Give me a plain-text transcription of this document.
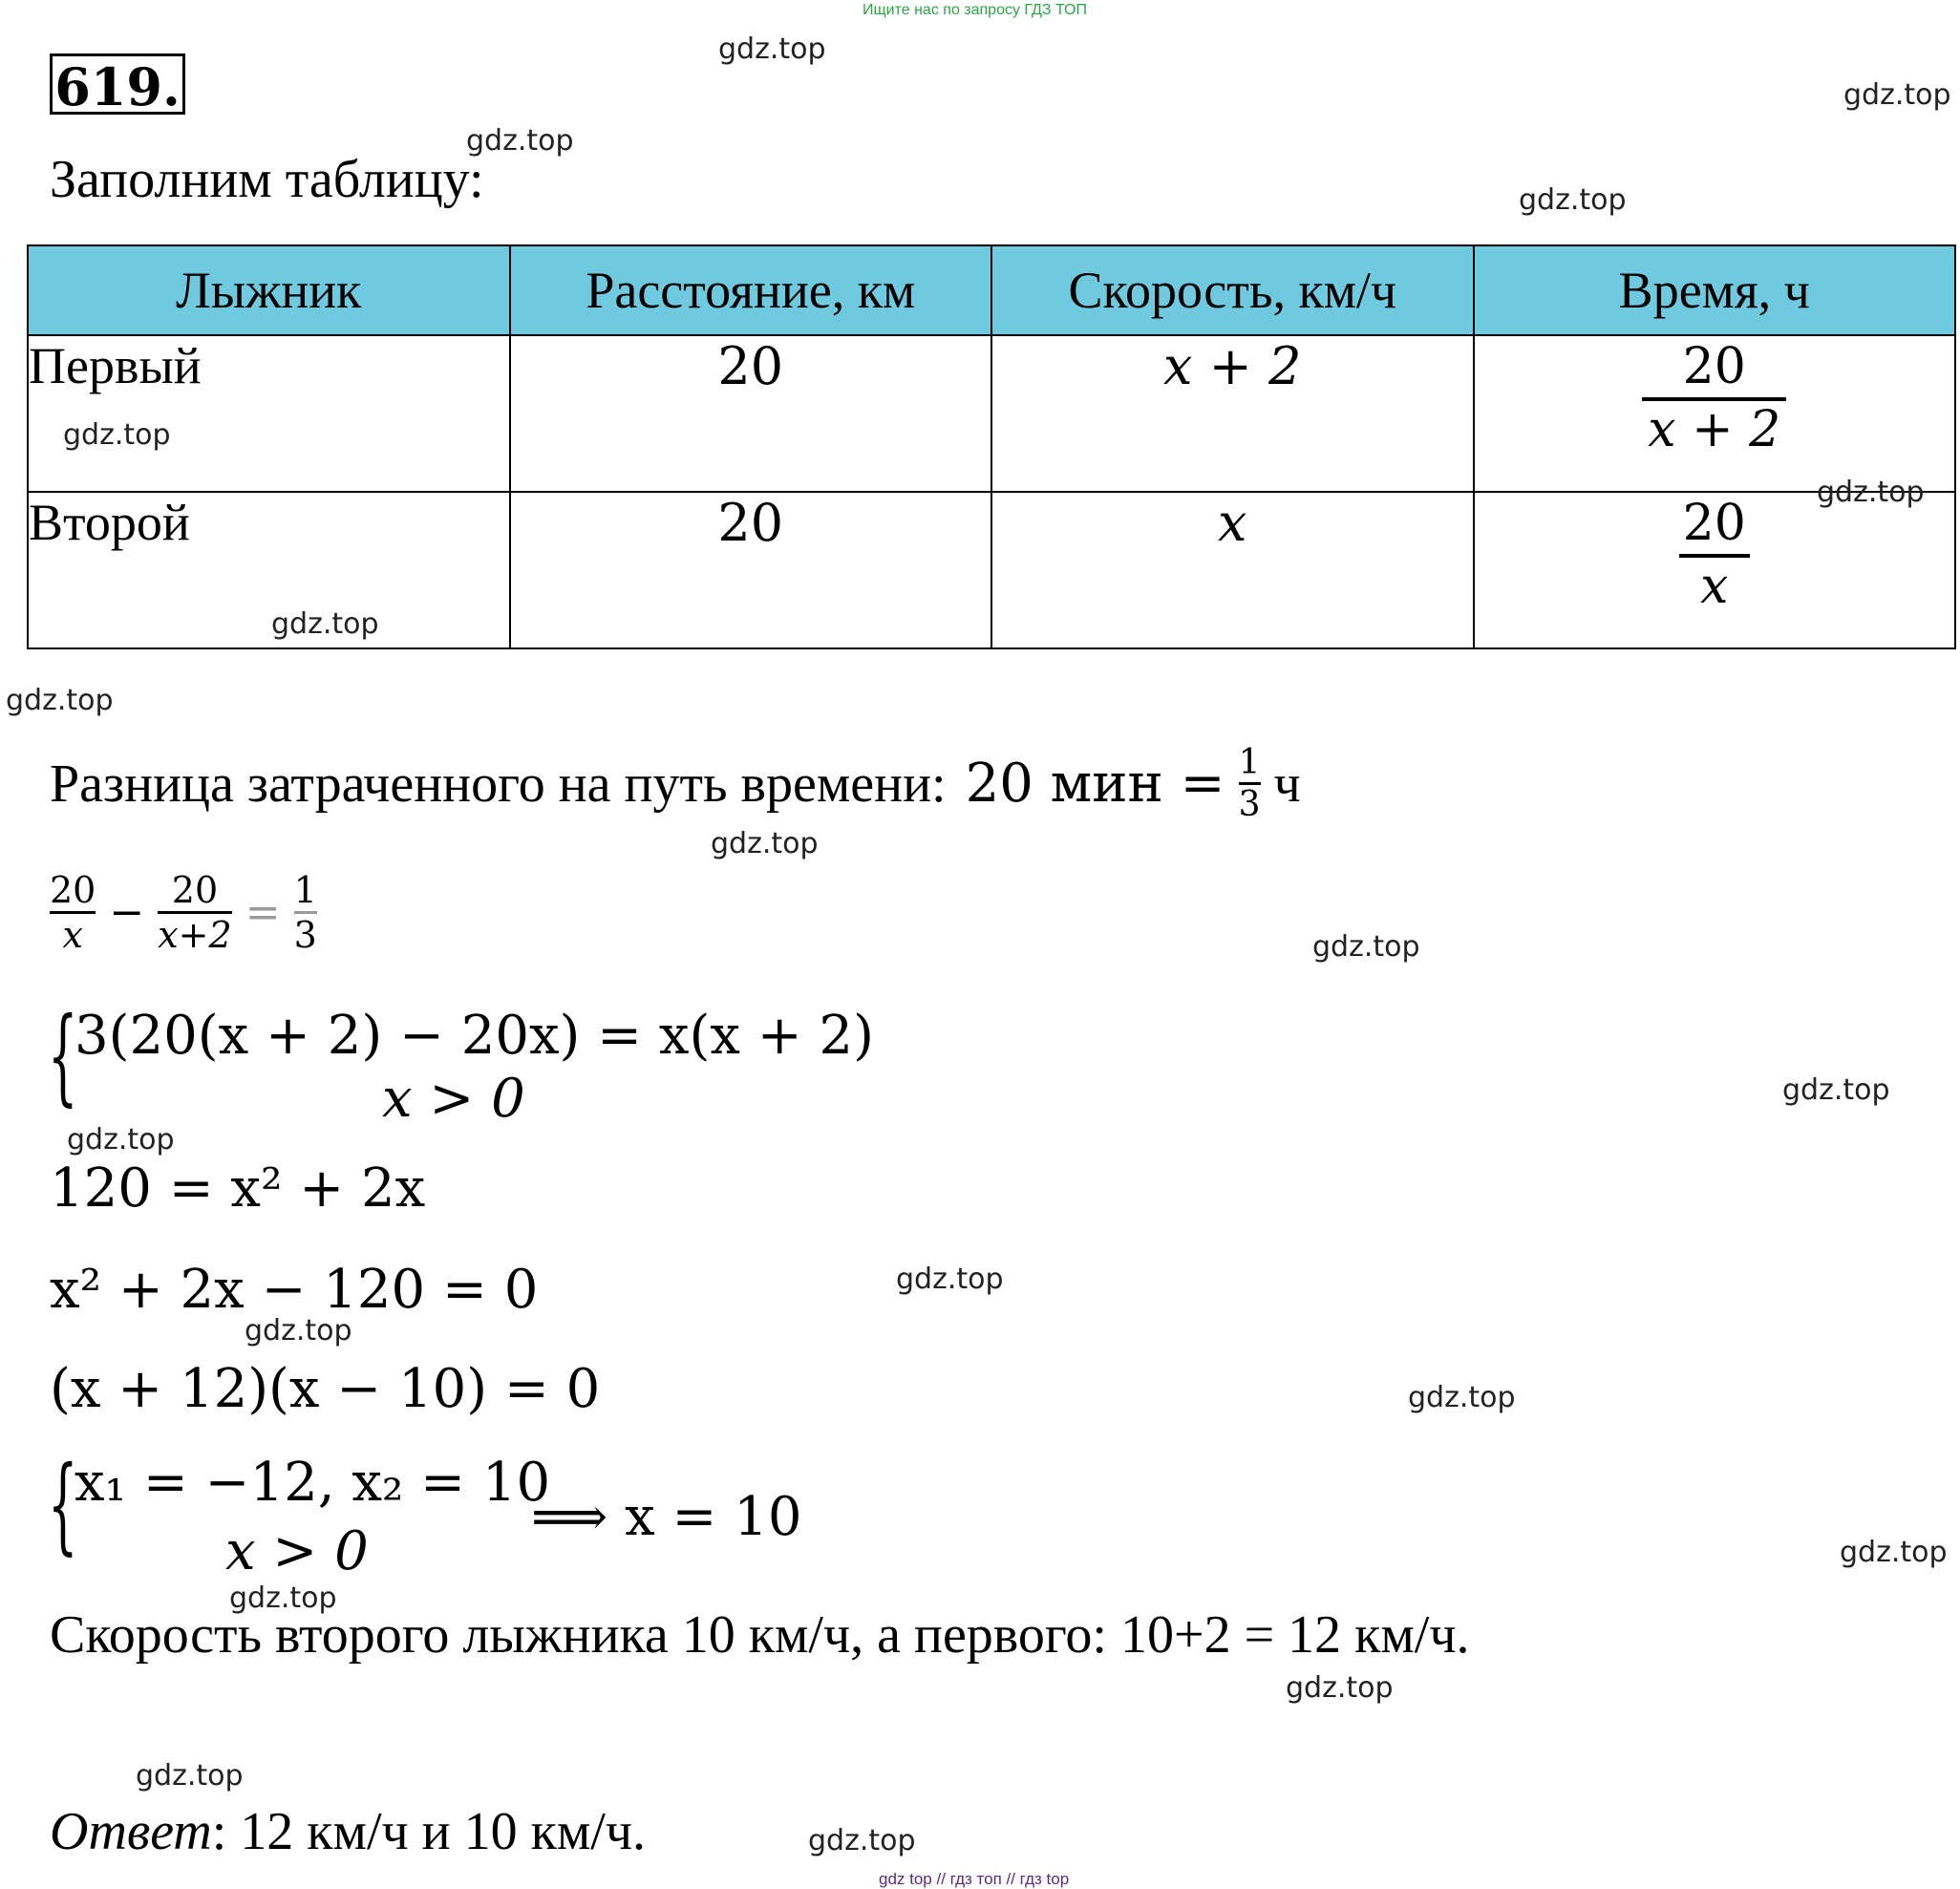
Ищите нас по запросу ГДЗ ТОП
619.
Заполним таблицу:
Лыжник	Расстояние, км	Скорость, км/ч	Время, ч
Первый	20	x + 2	$\frac{20}{x + 2}$

Второй	20	x	$\frac{20}{x}$
Разница затраченного на путь времени: 20 мин = $\frac{1}{3}$ ч
$\frac{20}{x} - \frac{20}{x+2} = \frac{1}{3}$
{
3(20(x + 2) − 20x) = x(x + 2)
x > 0
120 = x² + 2x
x² + 2x − 120 = 0
(x + 12)(x − 10) = 0
{
x₁ = −12, x₂ = 10
x > 0
⟹ x = 10
Скорость второго лыжника 10 км/ч, а первого: 10+2 = 12 км/ч.
Ответ: 12 км/ч и 10 км/ч.
gdz.top
gdz.top
gdz.top
gdz.top
gdz.top
gdz.top
gdz.top
gdz.top
gdz.top
gdz.top
gdz.top
gdz.top
gdz.top
gdz.top
gdz.top
gdz.top
gdz.top
gdz.top
gdz.top
gdz.top
gdz top // гдз топ // гдз top
